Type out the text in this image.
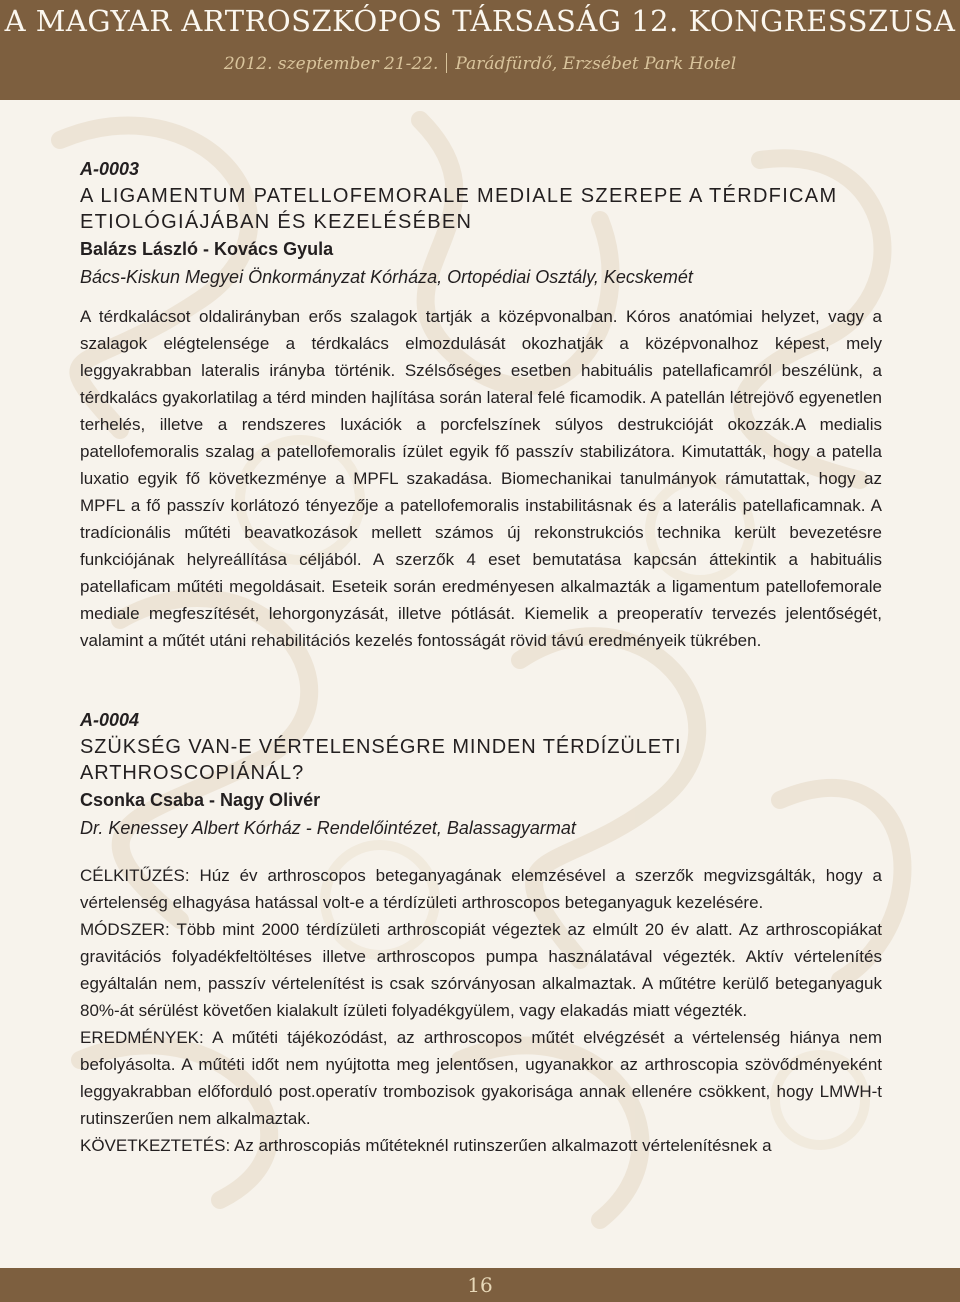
A MAGYAR ARTROSZKÓPOS TÁRSASÁG 12. KONGRESSZUSA
2012. szeptember 21-22. Parádfürdő, Erzsébet Park Hotel
A-0003
A LIGAMENTUM PATELLOFEMORALE MEDIALE SZEREPE A TÉRDFICAM
ETIOLÓGIÁJÁBAN ÉS KEZELÉSÉBEN
Balázs László - Kovács Gyula
Bács-Kiskun Megyei Önkormányzat Kórháza, Ortopédiai Osztály, Kecskemét

A térdkalácsot oldalirányban erős szalagok tartják a középvonalban. Kóros anatómiai helyzet, vagy a szalagok elégtelensége a térdkalács elmozdulását okozhatják a középvonalhoz képest, mely leggyakrabban lateralis irányba történik. Szélsőséges esetben habituális patellaficamról beszélünk, a térdkalács gyakorlatilag a térd minden hajlítása során lateral felé ficamodik. A patellán létrejövő egyenetlen terhelés, illetve a rendszeres luxációk a porcfelszínek súlyos destrukcióját okozzák.A medialis patellofemoralis szalag a patellofemoralis ízület egyik fő passzív stabilizátora. Kimutatták, hogy a patella luxatio egyik fő következménye a MPFL szakadása. Biomechanikai tanulmányok rámutattak, hogy az MPFL a fő passzív korlátozó tényezője a patellofemoralis instabilitásnak és a laterális patellaficamnak. A tradícionális műtéti beavatkozások mellett számos új rekonstrukciós technika került bevezetésre funkciójának helyreállítása céljából. A szerzők 4 eset bemutatása kapcsán áttekintik a habituális patellaficam műtéti megoldásait. Eseteik során eredményesen alkalmazták a ligamentum patellofemorale mediale megfeszítését, lehorgonyzását, illetve pótlását. Kiemelik a preoperatív tervezés jelentőségét, valamint a műtét utáni rehabilitációs kezelés fontosságát rövid távú eredményeik tükrében.

A-0004
SZÜKSÉG VAN-E VÉRTELENSÉGRE MINDEN TÉRDÍZÜLETI ARTHROSCOPIÁNÁL?
Csonka Csaba - Nagy Olivér
Dr. Kenessey Albert Kórház - Rendelőintézet, Balassagyarmat

CÉLKITŰZÉS: Húz év arthroscopos beteganyagának elemzésével a szerzők megvizsgálták, hogy a vértelenség elhagyása hatással volt-e a térdízületi arthroscopos beteganyaguk kezelésére.

MÓDSZER: Több mint 2000 térdízületi arthroscopiát végeztek az elmúlt 20 év alatt. Az arthroscopiákat gravitációs folyadékfeltöltéses illetve arthroscopos pumpa használatával végezték. Aktív vértelenítés egyáltalán nem, passzív vértelenítést is csak szórványosan alkalmaztak. A műtétre kerülő beteganyaguk 80%-át sérülést követően kialakult ízületi folyadékgyülem, vagy elakadás miatt végezték.

EREDMÉNYEK: A műtéti tájékozódást, az arthroscopos műtét elvégzését a vértelenség hiánya nem befolyásolta. A műtéti időt nem nyújtotta meg jelentősen, ugyanakkor az arthroscopia szövődményeként leggyakrabban előforduló post.operatív trombozisok gyakorisága annak ellenére csökkent, hogy LMWH-t rutinszerűen nem alkalmaztak.

KÖVETKEZTETÉS: Az arthroscopiás műtéteknél rutinszerűen alkalmazott vértelenítésnek a

16
